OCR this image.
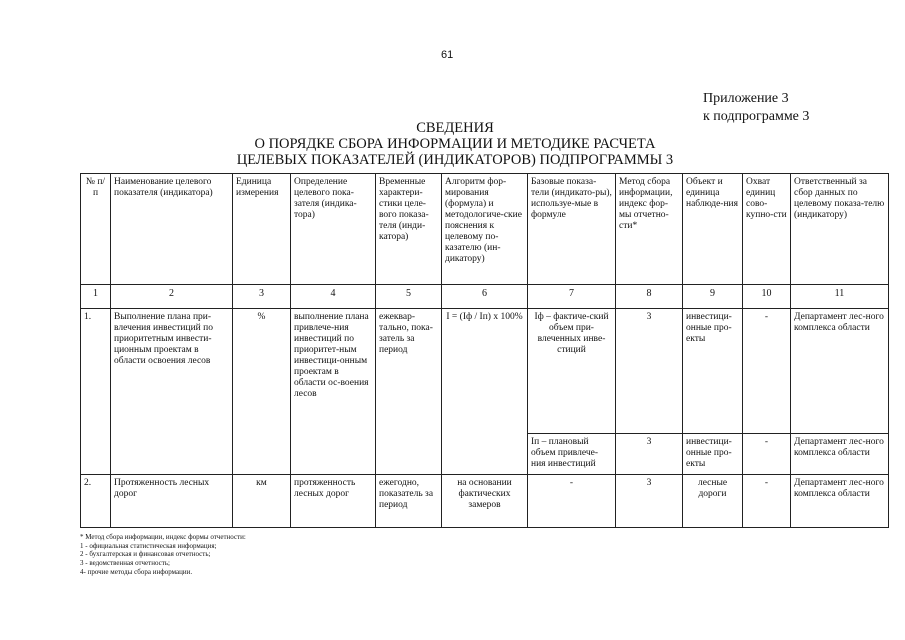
61
Приложение 3
к подпрограмме 3
СВЕДЕНИЯ
О ПОРЯДКЕ СБОРА ИНФОРМАЦИИ И МЕТОДИКЕ РАСЧЕТА
ЦЕЛЕВЫХ ПОКАЗАТЕЛЕЙ (ИНДИКАТОРОВ) ПОДПРОГРАММЫ 3
№ п/п	Наименование целевого показателя (индикатора)	Единица измерения	Определение целевого пока-зателя (индика-тора)	Временные характери-стики целе-вого показа-теля (инди-катора)	Алгоритм фор-мирования (формула) и методологиче-ские пояснения к целевому по-казателю (ин-дикатору)	Базовые показа-тели (индикато-ры), используе-мые в формуле	Метод сбора информации, индекс фор-мы отчетно-сти*	Объект и единица наблюде-ния	Охват единиц сово-купно-сти	Ответственный за сбор данных по целевому показа-телю (индикатору)
1	2	3	4	5	6	7	8	9	10	11
1.	Выполнение плана при-влечения инвестиций по приоритетным инвести-ционным проектам в области освоения лесов	%	выполнение плана привлече-ния инвестиций по приоритет-ным инвестици-онным проектам в области ос-воения лесов	ежеквар-тально, пока-затель за период	I = (Iф / Iп) х 100%	Iф – фактиче-ский объем при-влеченных инве-стиций	3	инвестици-онные про-екты	-	Департамент лес-ного комплекса области
						Iп – плановый объем привлече-ния инвестиций	3	инвестици-онные про-екты	-	Департамент лес-ного комплекса области
2.	Протяженность лесных дорог	км	протяженность лесных дорог	ежегодно, показатель за период	на основании фактических замеров	-	3	лесные дороги	-	Департамент лес-ного комплекса области
* Метод сбора информации, индекс формы отчетности:
1 - официальная статистическая информация;
2 - бухгалтерская и финансовая отчетность;
3 - ведомственная отчетность;
4- прочие методы сбора информации.
